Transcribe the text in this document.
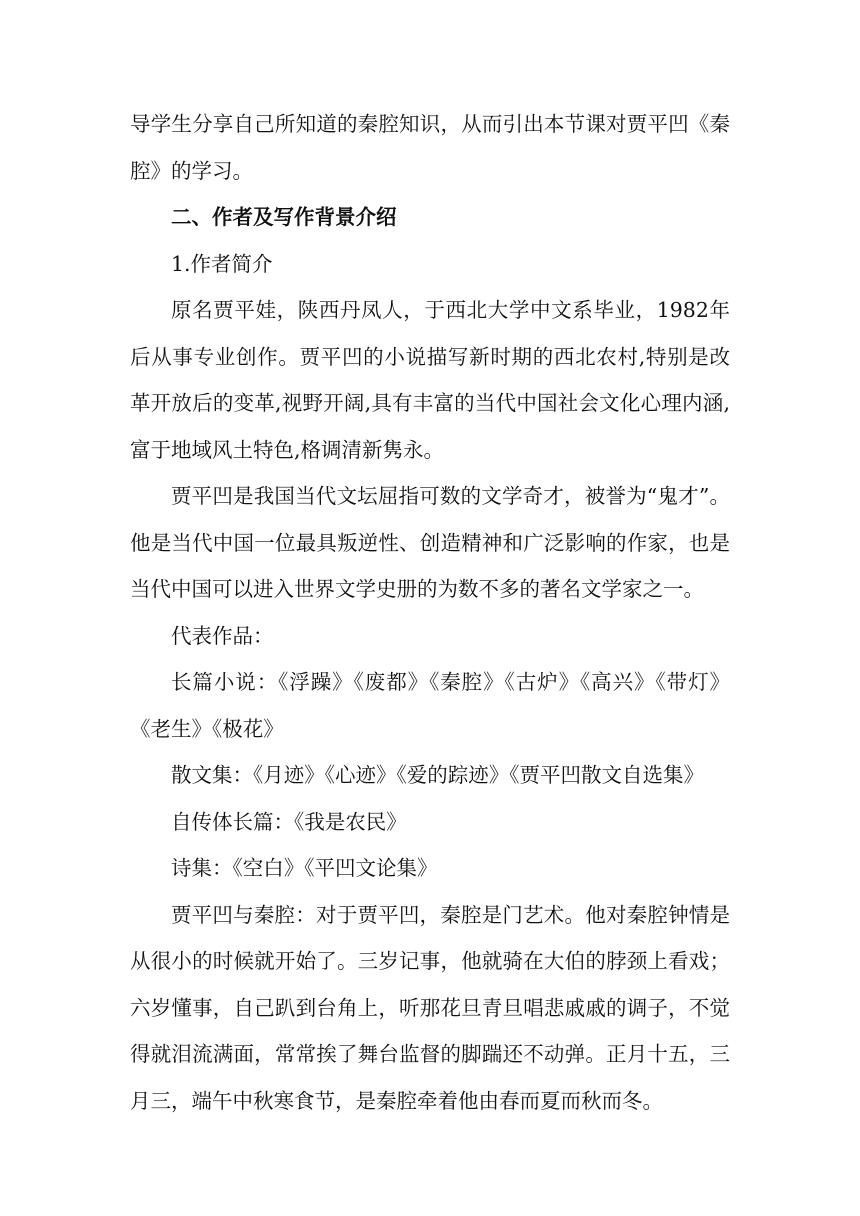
导学生分享自己所知道的秦腔知识，从而引出本节课对贾平凹《秦腔》的学习。

二、作者及写作背景介绍

1.作者简介

原名贾平娃，陕西丹凤人，于西北大学中文系毕业，1982年后从事专业创作。贾平凹的小说描写新时期的西北农村,特别是改革开放后的变革,视野开阔,具有丰富的当代中国社会文化心理内涵,富于地域风土特色,格调清新隽永。

贾平凹是我国当代文坛屈指可数的文学奇才，被誉为“鬼才”。他是当代中国一位最具叛逆性、创造精神和广泛影响的作家，也是当代中国可以进入世界文学史册的为数不多的著名文学家之一。

代表作品：

长篇小说：《浮躁》《废都》《秦腔》《古炉》《高兴》《带灯》《老生》《极花》

散文集：《月迹》《心迹》《爱的踪迹》《贾平凹散文自选集》

自传体长篇：《我是农民》

诗集：《空白》《平凹文论集》

贾平凹与秦腔：对于贾平凹，秦腔是门艺术。他对秦腔钟情是从很小的时候就开始了。三岁记事，他就骑在大伯的脖颈上看戏；六岁懂事，自己趴到台角上，听那花旦青旦唱悲戚戚的调子，不觉得就泪流满面，常常挨了舞台监督的脚踹还不动弹。正月十五，三月三，端午中秋寒食节，是秦腔牵着他由春而夏而秋而冬。
